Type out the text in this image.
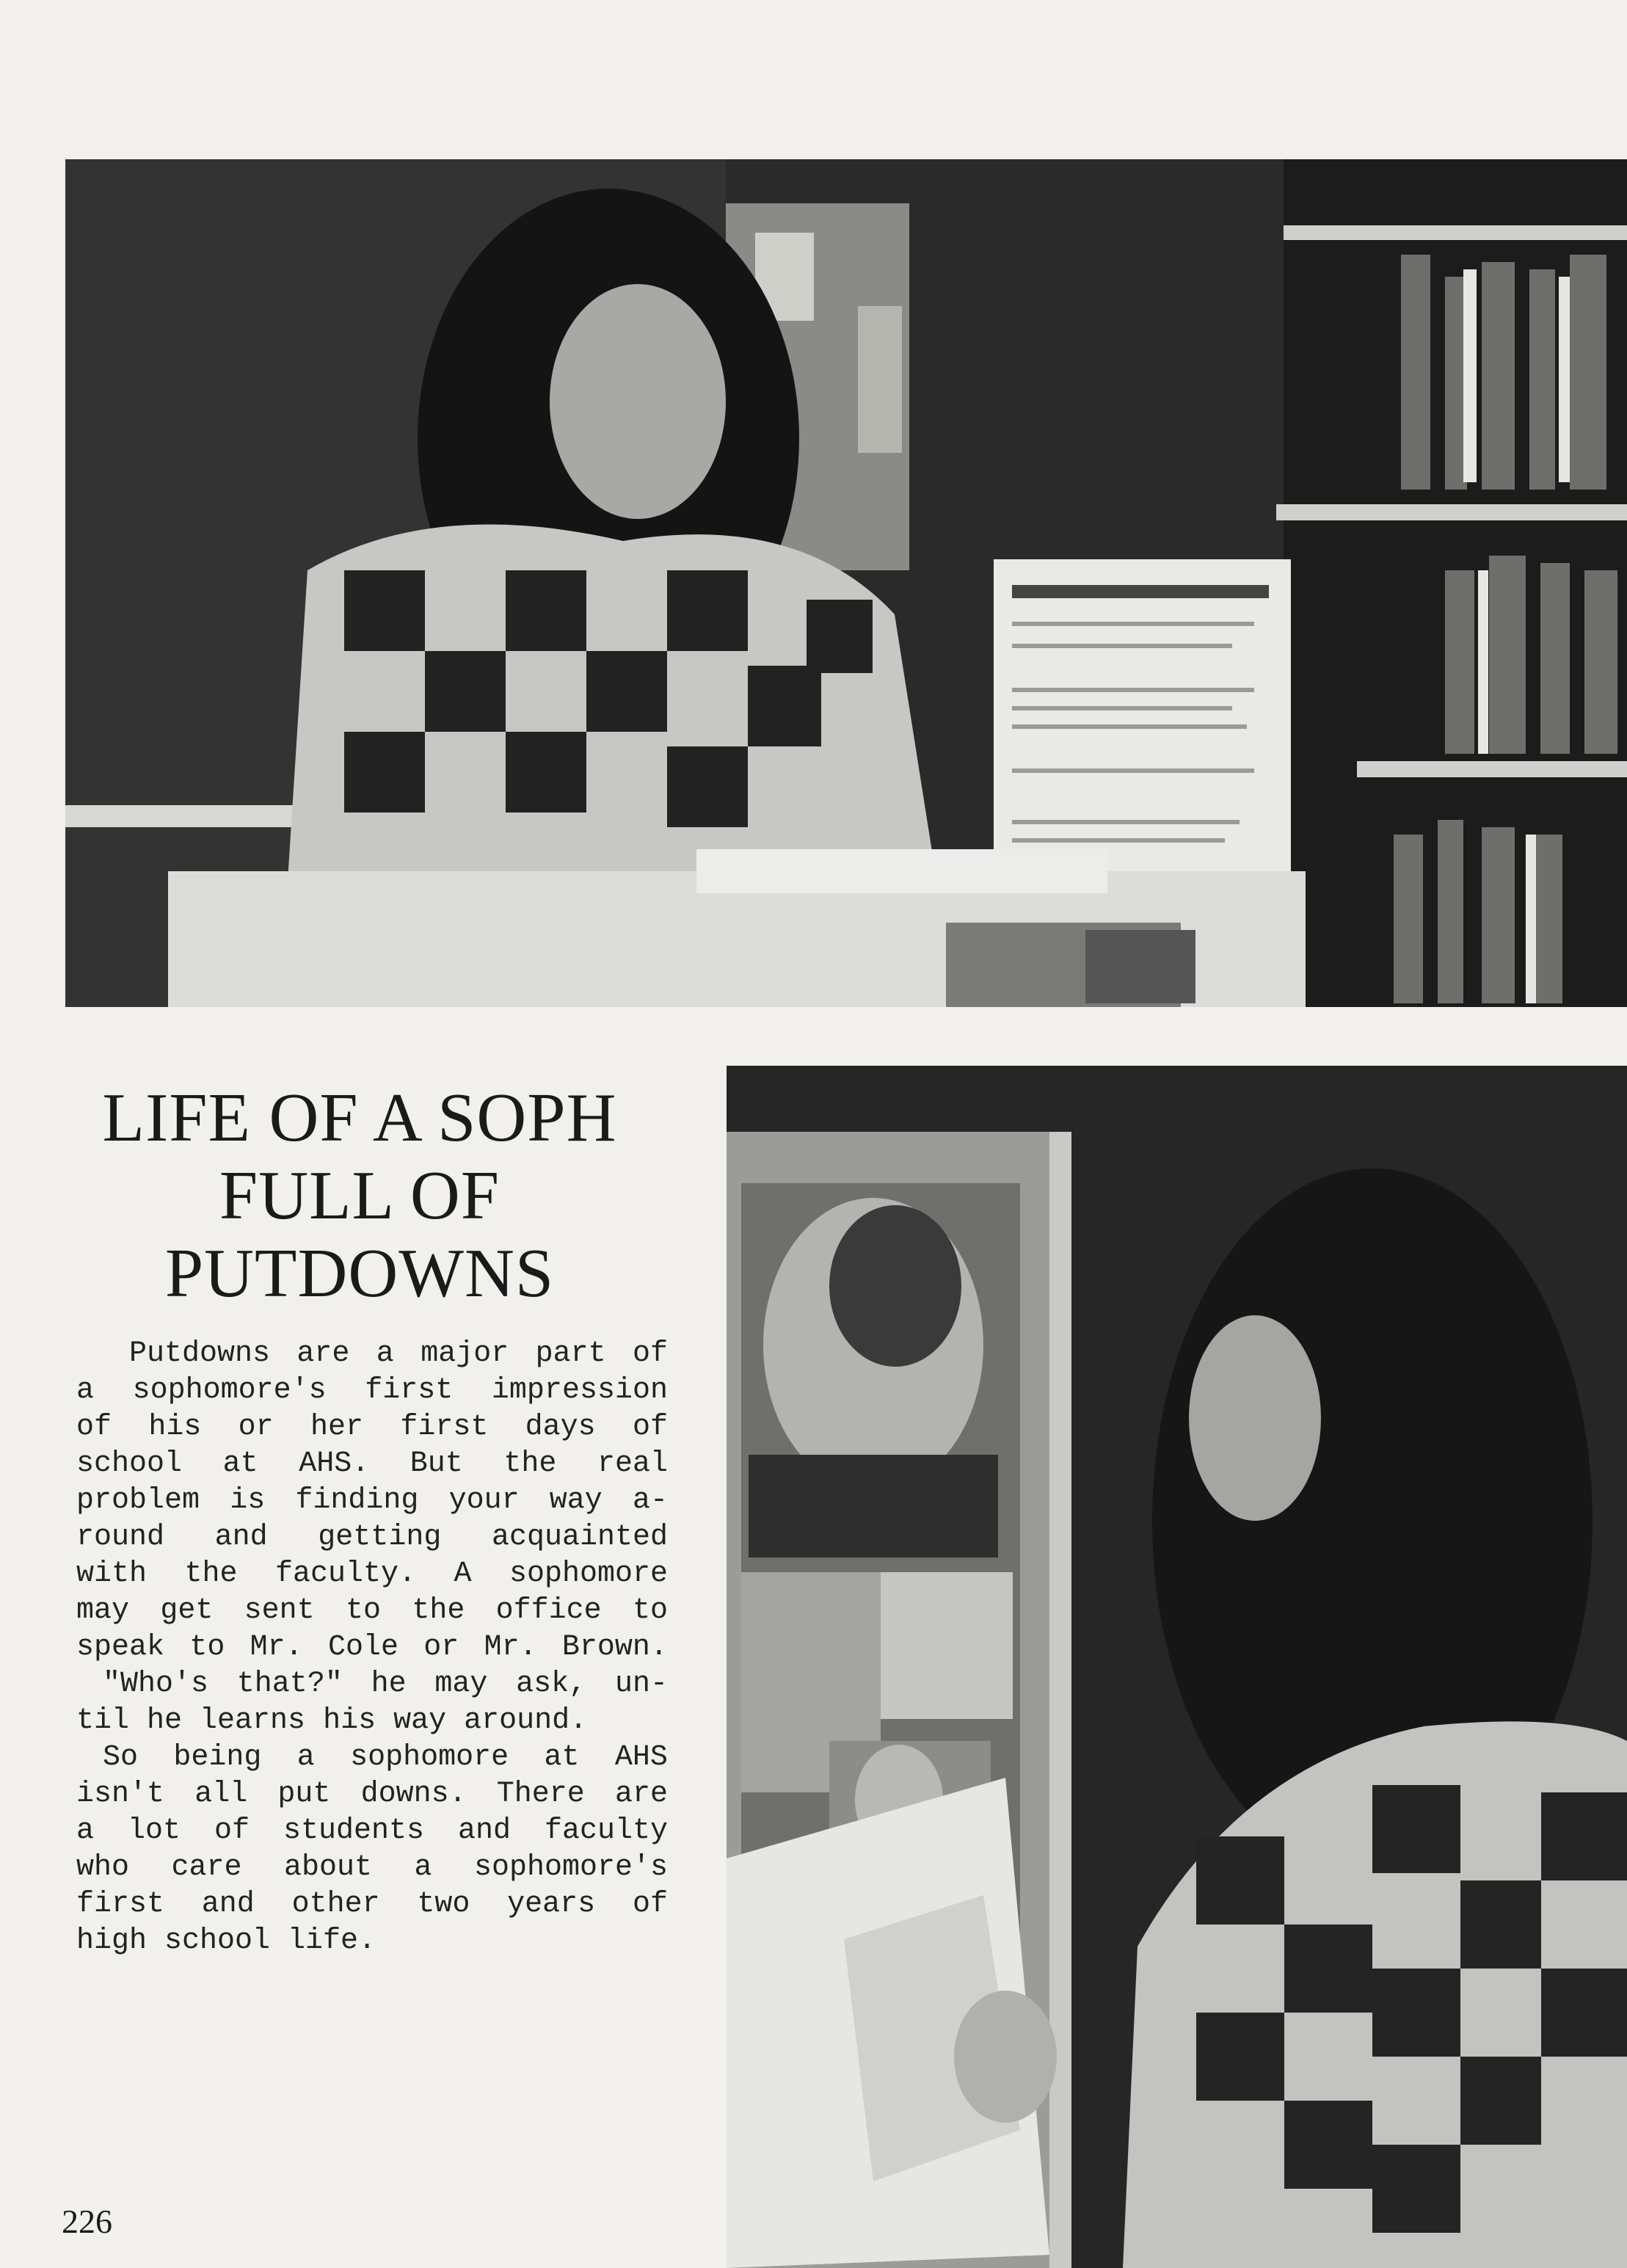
LIFE OF A SOPH
FULL OF
PUTDOWNS
Putdowns are a major part of
a sophomore's first impression
of his or her first days of
school at AHS. But the real
problem is finding your way a-
round and getting acquainted
with the faculty. A sophomore
may get sent to the office to
speak to Mr. Cole or Mr. Brown.
"Who's that?" he may ask, un-
til he learns his way around.
So being a sophomore at AHS
isn't all put downs. There are
a lot of students and faculty
who care about a sophomore's
first and other two years of
high school life.
226
